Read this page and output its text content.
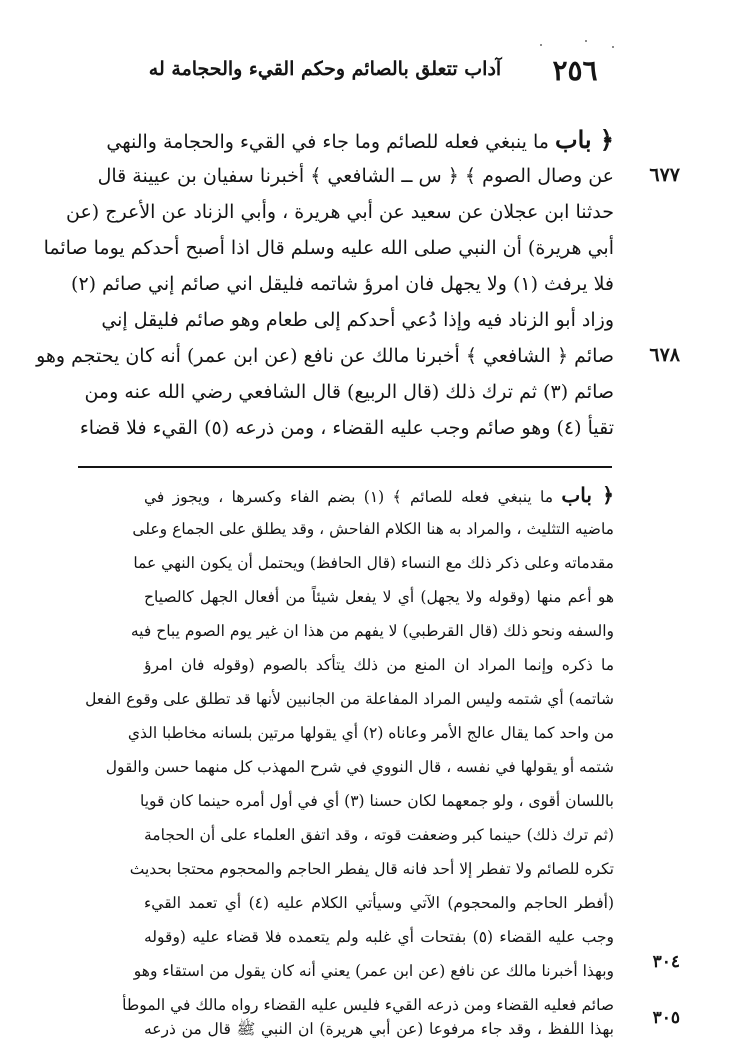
٢٥٦
آداب تتعلق بالصائم وحكم القيء والحجامة له
﴿ باب ما ينبغي فعله للصائم وما جاء في القيء والحجامة والنهي
عن وصال الصوم ﴾ ﴿ س ــ الشافعي ﴾ أخبرنا سفيان بن عيينة قال
حدثنا ابن عجلان عن سعيد عن أبي هريرة ، وأبي الزناد عن الأعرج (عن
أبي هريرة) أن النبي صلى الله عليه وسلم قال اذا أصبح أحدكم يوما صائما
فلا يرفث (١) ولا يجهل فان امرؤ شاتمه فليقل اني صائم إني صائم (٢)
وزاد أبو الزناد فيه وإذا دُعي أحدكم إلى طعام وهو صائم فليقل إني
صائم ﴿ الشافعي ﴾ أخبرنا مالك عن نافع (عن ابن عمر) أنه كان يحتجم وهو
صائم (٣) ثم ترك ذلك (قال الربيع) قال الشافعي رضي الله عنه ومن
تقيأ (٤) وهو صائم وجب عليه القضاء ، ومن ذرعه (٥) القيء فلا قضاء
٦٧٧
٦٧٨
﴿ باب ما ينبغي فعله للصائم ﴾ (١) بضم الفاء وكسرها ، ويجوز في
ماضيه التثليث ، والمراد به هنا الكلام الفاحش ، وقد يطلق على الجماع وعلى
مقدماته وعلى ذكر ذلك مع النساء (قال الحافظ) ويحتمل أن يكون النهي عما
هو أعم منها (وقوله ولا يجهل) أي لا يفعل شيئاً من أفعال الجهل كالصياح
والسفه ونحو ذلك (قال القرطبي) لا يفهم من هذا ان غير يوم الصوم يباح فيه
ما ذكره وإنما المراد ان المنع من ذلك يتأكد بالصوم (وقوله فان امرؤ
شاتمه) أي شتمه وليس المراد المفاعلة من الجانبين لأنها قد تطلق على وقوع الفعل
من واحد كما يقال عالج الأمر وعاناه (٢) أي يقولها مرتين بلسانه مخاطبا الذي
شتمه أو يقولها في نفسه ، قال النووي في شرح المهذب كل منهما حسن والقول
باللسان أقوى ، ولو جمعهما لكان حسنا (٣) أي في أول أمره حينما كان قويا
(ثم ترك ذلك) حينما كبر وضعفت قوته ، وقد اتفق العلماء على أن الحجامة
تكره للصائم ولا تفطر إلا أحد فانه قال يفطر الحاجم والمحجوم محتجا بحديث
(أفطر الحاجم والمحجوم) الآتي وسيأتي الكلام عليه (٤) أي تعمد القيء
وجب عليه القضاء (٥) بفتحات أي غلبه ولم يتعمده فلا قضاء عليه (وقوله
وبهذا أخبرنا مالك عن نافع (عن ابن عمر) يعني أنه كان يقول من استقاء وهو
صائم فعليه القضاء ومن ذرعه القيء فليس عليه القضاء رواه مالك في الموطأ
بهذا اللفظ ، وقد جاء مرفوعا (عن أبي هريرة) ان النبي ﷺ قال من ذرعه
٣٠٤
٣٠٥
